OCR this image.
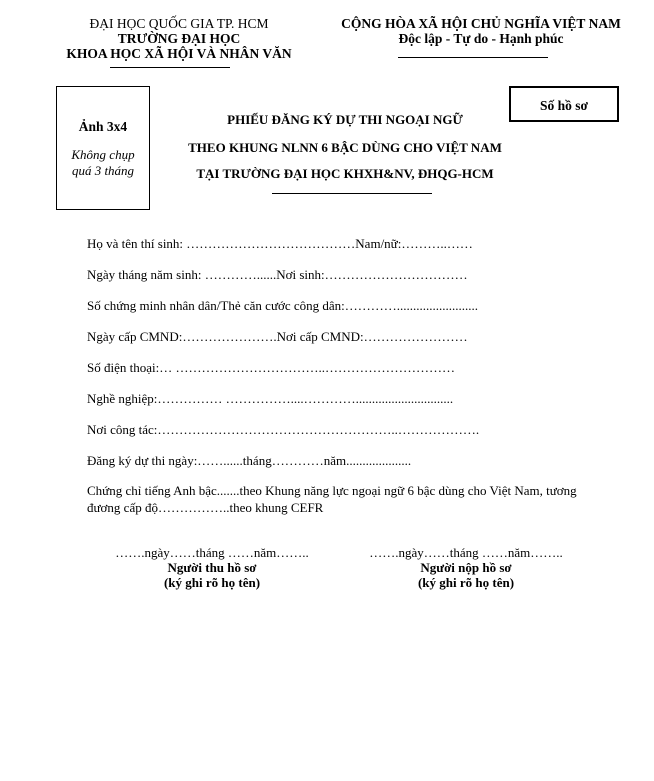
ĐẠI HỌC QUỐC GIA TP. HCM
TRƯỜNG ĐẠI HỌC
KHOA HỌC XÃ HỘI VÀ NHÂN VĂN
CỘNG HÒA XÃ HỘI CHỦ NGHĨA VIỆT NAM
Độc lập - Tự do - Hạnh phúc
Ảnh 3x4
Không chụp
quá 3 tháng
Số hồ sơ
PHIẾU ĐĂNG KÝ DỰ THI NGOẠI NGỮ
THEO KHUNG NLNN 6 BẬC DÙNG CHO VIỆT NAM
TẠI TRƯỜNG ĐẠI HỌC KHXH&NV, ĐHQG-HCM
Họ và tên thí sinh: …………………………………Nam/nữ:………..……
Ngày tháng năm sinh: …………......Nơi sinh:……………………………
Số chứng minh nhân dân/Thẻ căn cước công dân:………….........................
Ngày cấp CMND:………………….Nơi cấp CMND:……………………
Số điện thoại:… ……………………………..…………………………
Nghề nghiệp:…………… ……………....…………..............................
Nơi công tác:………………………………………………..……………….
Đăng ký dự thi ngày:……......tháng…………năm....................
Chứng chỉ tiếng Anh bậc.......theo Khung năng lực ngoại ngữ 6 bậc dùng cho Việt Nam, tương
đương cấp độ……………..theo khung CEFR
…….ngày……tháng ……năm……..
Người thu hồ sơ
(ký ghi rõ họ tên)
…….ngày……tháng ……năm……..
Người nộp hồ sơ
(ký ghi rõ họ tên)
